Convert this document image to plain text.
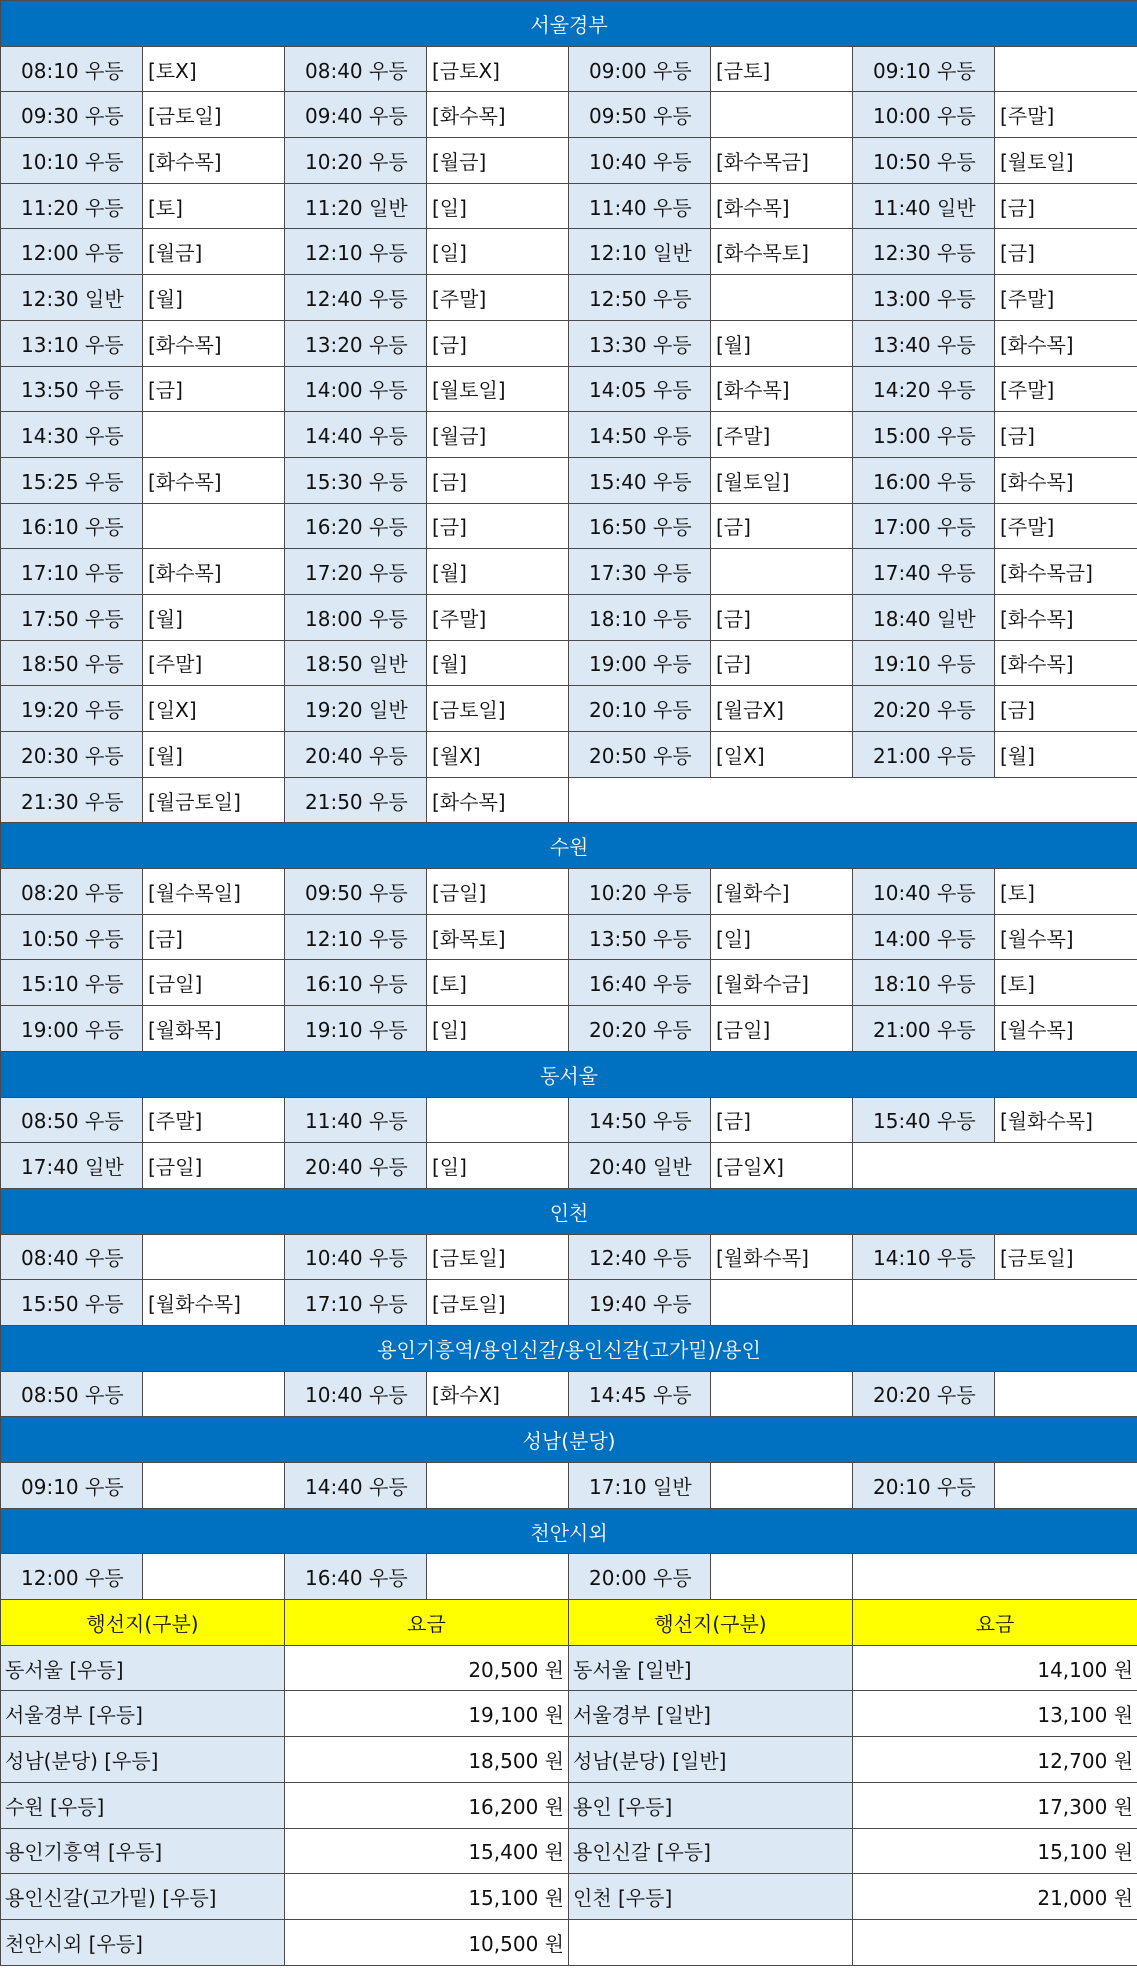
서울경부							
08:10 우등	[토X]	08:40 우등	[금토X]	09:00 우등	[금토]	09:10 우등	
09:30 우등	[금토일]	09:40 우등	[화수목]	09:50 우등		10:00 우등	[주말]
10:10 우등	[화수목]	10:20 우등	[월금]	10:40 우등	[화수목금]	10:50 우등	[월토일]
11:20 우등	[토]	11:20 일반	[일]	11:40 우등	[화수목]	11:40 일반	[금]
12:00 우등	[월금]	12:10 우등	[일]	12:10 일반	[화수목토]	12:30 우등	[금]
12:30 일반	[월]	12:40 우등	[주말]	12:50 우등		13:00 우등	[주말]
13:10 우등	[화수목]	13:20 우등	[금]	13:30 우등	[월]	13:40 우등	[화수목]
13:50 우등	[금]	14:00 우등	[월토일]	14:05 우등	[화수목]	14:20 우등	[주말]
14:30 우등		14:40 우등	[월금]	14:50 우등	[주말]	15:00 우등	[금]
15:25 우등	[화수목]	15:30 우등	[금]	15:40 우등	[월토일]	16:00 우등	[화수목]
16:10 우등		16:20 우등	[금]	16:50 우등	[금]	17:00 우등	[주말]
17:10 우등	[화수목]	17:20 우등	[월]	17:30 우등		17:40 우등	[화수목금]
17:50 우등	[월]	18:00 우등	[주말]	18:10 우등	[금]	18:40 일반	[화수목]
18:50 우등	[주말]	18:50 일반	[월]	19:00 우등	[금]	19:10 우등	[화수목]
19:20 우등	[일X]	19:20 일반	[금토일]	20:10 우등	[월금X]	20:20 우등	[금]
20:30 우등	[월]	20:40 우등	[월X]	20:50 우등	[일X]	21:00 우등	[월]
21:30 우등	[월금토일]	21:50 우등	[화수목]				
수원							
08:20 우등	[월수목일]	09:50 우등	[금일]	10:20 우등	[월화수]	10:40 우등	[토]
10:50 우등	[금]	12:10 우등	[화목토]	13:50 우등	[일]	14:00 우등	[월수목]
15:10 우등	[금일]	16:10 우등	[토]	16:40 우등	[월화수금]	18:10 우등	[토]
19:00 우등	[월화목]	19:10 우등	[일]	20:20 우등	[금일]	21:00 우등	[월수목]
동서울							
08:50 우등	[주말]	11:40 우등		14:50 우등	[금]	15:40 우등	[월화수목]
17:40 일반	[금일]	20:40 우등	[일]	20:40 일반	[금일X]		
인천							
08:40 우등		10:40 우등	[금토일]	12:40 우등	[월화수목]	14:10 우등	[금토일]
15:50 우등	[월화수목]	17:10 우등	[금토일]	19:40 우등			
용인기흥역/용인신갈/용인신갈(고가밑)/용인							
08:50 우등		10:40 우등	[화수X]	14:45 우등		20:20 우등	
성남(분당)							
09:10 우등		14:40 우등		17:10 일반		20:10 우등	
천안시외							
12:00 우등		16:40 우등		20:00 우등			
행선지(구분)		요금		행선지(구분)		요금	
동서울 [우등]		20,500 원		동서울 [일반]		14,100 원	
서울경부 [우등]		19,100 원		서울경부 [일반]		13,100 원	
성남(분당) [우등]		18,500 원		성남(분당) [일반]		12,700 원	
수원 [우등]		16,200 원		용인 [우등]		17,300 원	
용인기흥역 [우등]		15,400 원		용인신갈 [우등]		15,100 원	
용인신갈(고가밑) [우등]		15,100 원		인천 [우등]		21,000 원	
천안시외 [우등]		10,500 원					
